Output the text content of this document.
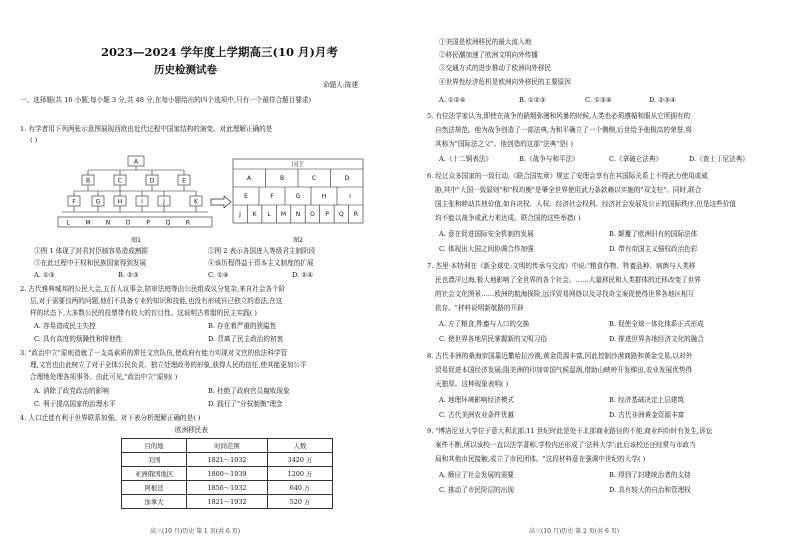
2023—2024 学年度上学期高三(10 月)月考
历史检测试卷
命题人:陈建
一、选择题(共 16 小题,每小题 3 分,共 48 分,在每小题给出的四个选项中,只有一个最符合题目要求)
1. 有学者用下列两张示意图展现西欧由近代过程中国家结构的演变。对此理解正确的是
( )
A
B	C	D	E
F	G	H	I	J	K
L	M	N	O	P	Q	R
图1
国王
A	B	C	D
E	F	G	H	I
J K L M N O P Q R
图2
①图 1 体现了封君封臣制容易造成割据	②图 2 表示各国进入等级君主制阶段
③在此过程中王权和民族国家得到发展	④该历程得益于资本主义制度的扩展
A. ①③	B. ②③	C. ①④	D. ②④
2. 古代雅典城邦的公民大会,五百人议事会,陪审法庭等由公民组成议分复杂,来自社会各个阶
层,对于需要良两的问题,他们不具备专业的知识和技能,也没有形成自己独立的看法,在这
样的状态下,大多数公民的投票带有较大的盲目性。这说明古希腊的民主实践( )
A. 容易造成民主失控	B. 存在着严重的狭隘性
C. 具有高度的烦躁性和排他性	D. 背离了民主政治的初衷
3. "政治中立"原则造就了一支高素质的常任文官队伍,使政府有能力实现对文官的依法科学管
理,文官也由此树立了对于全体公民负责、独立处理政务的形象,获得人民的信任,使其能更加公平
合理地处理各项事务。由此可见,"政治中立"原则( )
A. 消除了政党政治的影响	B. 杜绝了政府官员腐败现象
C. 利于提高国家的治理水平	D. 践行了"分权制衡"理念
4. 人口迁徙有利于世界联系加强。对下表分析理解正确的是( )
欧洲移民表
目的地	时间范围	人数
美国	1821～1932	3420 万
亚洲俄国地区	1800～1939	1200 万
阿根廷	1856～1932	640 万
加拿大	1821～1932	520 万
高三(10 月)历史 第 1 页(共 6 页)
①美国是欧洲移民的最大流入地
②移民潮加速了欧洲文明向外传播
③交通方式的进步推动了欧洲向外移民
④世界性经济危机是欧洲向外移民的主要原因
A. ①②④	B. ①②③	C. ①③④	D. ②③④
5. 有位法学家认为,即使在战争的硝烟弥漫和风暴的时候,人类也必须遵循和服从它所拥有的
自然法规范。他为战争创造了一部法典,为和平确立了一个侧侧,后世给予他极高的荣誉,将
其称为"国际法之父"。他创造的这部"法典"是( )
A.《十二铜表法》	B.《战争与和平法》	C.《拿破仑法典》	D.《查士丁尼法典》
6. 经过众多国家的一致行动,《联合国宪章》规定了安理会享有在其国际关系上不得武力使用或威
胁,其中"大国一致原则"和"权均衡"是肇全世界使用武力条款赖以实施的"双支柱"。同时,联合
国主张和睦动共他价值,如自决权、人权、经济社会权利、经济社会发展及公正的国际秩序,但是这些价值
均不能以战争或武力来达成。联合国的这些举措( )
A. 意在促进国际安全机制的发展	B. 颠覆了欧洲旧有的国际法体
C. 体现出大国之间协调合作加强	D. 带有帝国主义强权政治色彩
7. 杰里·本特利在《新全球史:文明的传承与交流》中说:"粮食作物、牲畜品种、病菌与人类移
民也漂洋过海,极大地影响了全世界的各个社会。……大量移民和人类群体的迁移改变了世界
的社会文化图景……欧洲的航海探险,远洋贸易网络以及寻找奇宝案促使得世界各地区相互
依存。"材料说明新航路的开辟
A. 方了粮食,牲畜与人口的交换	B. 促使全球一体化体系正式形成
C. 使世界各地居民掌握新的文明习俗	D. 推进世界各地经济文化的融合
8. 古代非洲的桑海帝国靠近撒哈拉沙漠,黄金资源丰富,因此控制沙漠商路和黄金交易,以对外
贸易促进本国经济发展;阻美洲的印加帝国气候湿润,借助山峡岭开发梯田,农业发展优势得
天独厚。这种现象表明( )
A. 地理环境影响经济模式	B. 经济基础决定上层建筑
C. 古代美洲农业条件优越	D. 古代非洲黄金资源丰富
9. "博洛尼亚大学位于意大利北部,11 世纪时此是处于北部商业路径的不便,商业纠纷时有发生,诉讼
案件不断,所以该校一直以法学著称,学校内还形成了'法科大学';此后该校还还经常与市政当
局和其他市民接触,成立了市民团体。"这段材料意在强调中世纪的大学( )
A. 顺应了社会发展的需要	B. 得到了封建统治者的支持
C. 推动了市民阶层的出现	D. 具有较大的自治和管理权
高三(10 月)历史 第 2 页(共 6 页)
